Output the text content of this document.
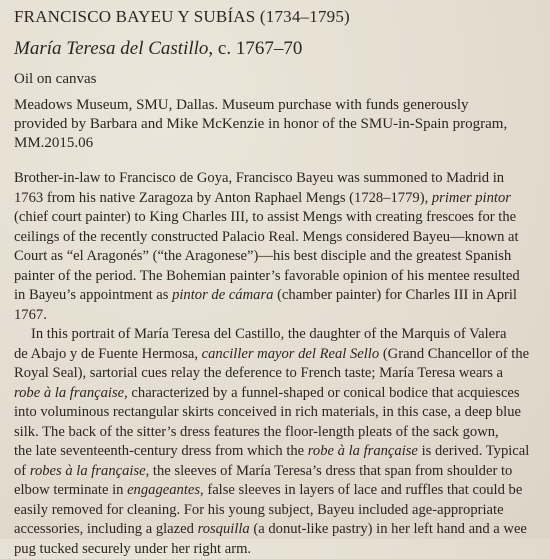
FRANCISCO BAYEU Y SUBÍAS (1734–1795)
María Teresa del Castillo, c. 1767–70
Oil on canvas
Meadows Museum, SMU, Dallas. Museum purchase with funds generously
provided by Barbara and Mike McKenzie in honor of the SMU-in-Spain program,
MM.2015.06
Brother-in-law to Francisco de Goya, Francisco Bayeu was summoned to Madrid in
1763 from his native Zaragoza by Anton Raphael Mengs (1728–1779), primer pintor
(chief court painter) to King Charles III, to assist Mengs with creating frescoes for the
ceilings of the recently constructed Palacio Real. Mengs considered Bayeu—known at
Court as “el Aragonés” (“the Aragonese”)—his best disciple and the greatest Spanish
painter of the period. The Bohemian painter’s favorable opinion of his mentee resulted
in Bayeu’s appointment as pintor de cámara (chamber painter) for Charles III in April
1767.
In this portrait of María Teresa del Castillo, the daughter of the Marquis of Valera
de Abajo y de Fuente Hermosa, canciller mayor del Real Sello (Grand Chancellor of the
Royal Seal), sartorial cues relay the deference to French taste; María Teresa wears a
robe à la française, characterized by a funnel-shaped or conical bodice that acquiesces
into voluminous rectangular skirts conceived in rich materials, in this case, a deep blue
silk. The back of the sitter’s dress features the floor-length pleats of the sack gown,
the late seventeenth-century dress from which the robe à la française is derived. Typical
of robes à la française, the sleeves of María Teresa’s dress that span from shoulder to
elbow terminate in engageantes, false sleeves in layers of lace and ruffles that could be
easily removed for cleaning. For his young subject, Bayeu included age-appropriate
accessories, including a glazed rosquilla (a donut-like pastry) in her left hand and a wee
pug tucked securely under her right arm.
